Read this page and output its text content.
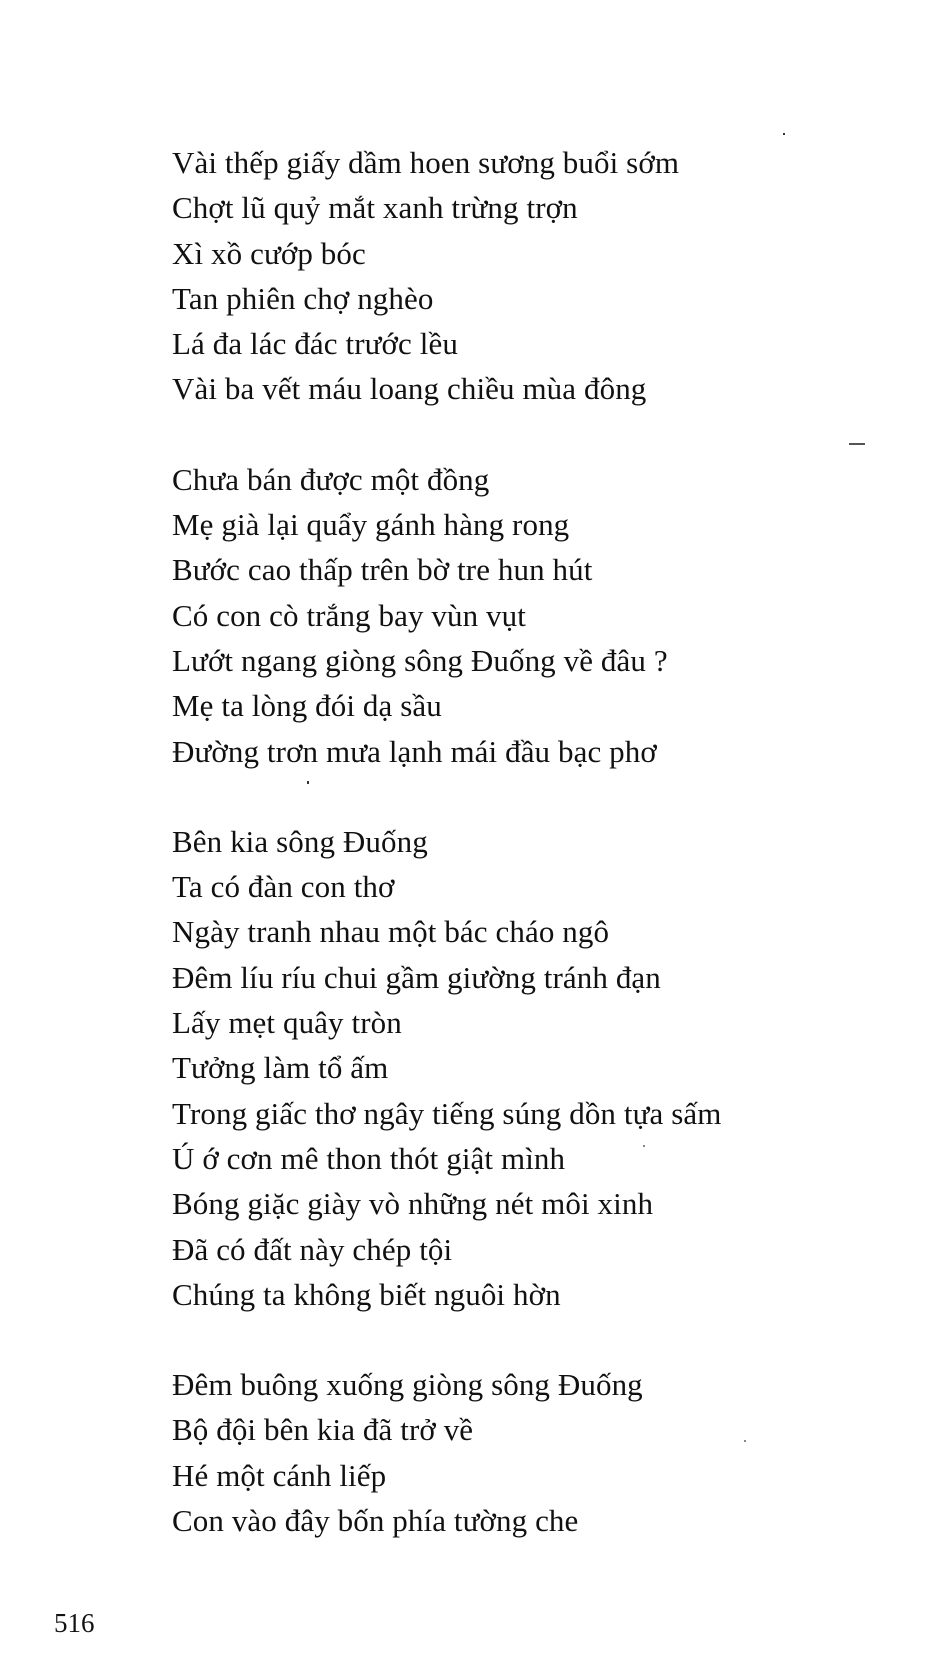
Vài thếp giấy dầm hoen sương buổi sớm
Chợt lũ quỷ mắt xanh trừng trợn
Xì xồ cướp bóc
Tan phiên chợ nghèo
Lá đa lác đác trước lều
Vài ba vết máu loang chiều mùa đông
Chưa bán được một đồng
Mẹ già lại quẩy gánh hàng rong
Bước cao thấp trên bờ tre hun hút
Có con cò trắng bay vùn vụt
Lướt ngang giòng sông Đuống về đâu ?
Mẹ ta lòng đói dạ sầu
Đường trơn mưa lạnh mái đầu bạc phơ
Bên kia sông Đuống
Ta có đàn con thơ
Ngày tranh nhau một bác cháo ngô
Đêm líu ríu chui gầm giường tránh đạn
Lấy mẹt quây tròn
Tưởng làm tổ ấm
Trong giấc thơ ngây tiếng súng dồn tựa sấm
Ú ớ cơn mê thon thót giật mình
Bóng giặc giày vò những nét môi xinh
Đã có đất này chép tội
Chúng ta không biết nguôi hờn
Đêm buông xuống giòng sông Đuống
Bộ đội bên kia đã trở về
Hé một cánh liếp
Con vào đây bốn phía tường che
516
